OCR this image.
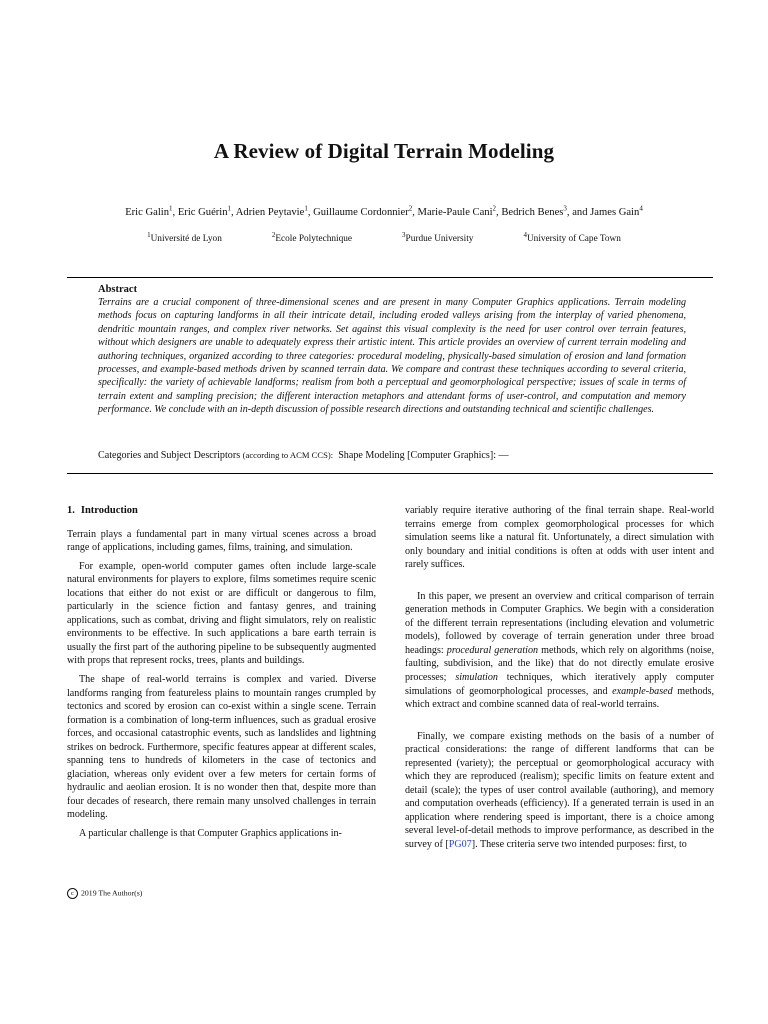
A Review of Digital Terrain Modeling
Eric Galin$^1$, Eric Guérin$^1$, Adrien Peytavie$^1$, Guillaume Cordonnier$^2$, Marie-Paule Cani$^2$, Bedrich Benes$^3$, and James Gain$^4$
$^1$Université de Lyon	$^2$Ecole Polytechnique	$^3$Purdue University	$^4$University of Cape Town
Abstract
Terrains are a crucial component of three-dimensional scenes and are present in many Computer Graphics applications. Terrain modeling methods focus on capturing landforms in all their intricate detail, including eroded valleys arising from the interplay of varied phenomena, dendritic mountain ranges, and complex river networks. Set against this visual complexity is the need for user control over terrain features, without which designers are unable to adequately express their artistic intent. This article provides an overview of current terrain modeling and authoring techniques, organized according to three categories: procedural modeling, physically-based simulation of erosion and land formation processes, and example-based methods driven by scanned terrain data. We compare and contrast these techniques according to several criteria, specifically: the variety of achievable landforms; realism from both a perceptual and geomorphological perspective; issues of scale in terms of terrain extent and sampling precision; the different interaction metaphors and attendant forms of user-control, and computation and memory performance. We conclude with an in-depth discussion of possible research directions and outstanding technical and scientific challenges.
Categories and Subject Descriptors (according to ACM CCS): Shape Modeling [Computer Graphics]: —
1. Introduction

Terrain plays a fundamental part in many virtual scenes across a broad range of applications, including games, films, training, and simulation.

For example, open-world computer games often include large-scale natural environments for players to explore, films sometimes require scenic locations that either do not exist or are difficult or dangerous to film, particularly in the science fiction and fantasy genres, and training applications, such as combat, driving and flight simulators, rely on realistic environments to be effective. In such applications a bare earth terrain is usually the first part of the authoring pipeline to be subsequently augmented with props that represent rocks, trees, plants and buildings.

The shape of real-world terrains is complex and varied. Diverse landforms ranging from featureless plains to mountain ranges crumpled by tectonics and scored by erosion can co-exist within a single scene. Terrain formation is a combination of long-term influences, such as gradual erosive forces, and occasional catastrophic events, such as landslides and lightning strikes on bedrock. Furthermore, specific features appear at different scales, spanning tens to hundreds of kilometers in the case of tectonics and glaciation, whereas only evident over a few meters for certain forms of hydraulic and aeolian erosion. It is no wonder then that, despite more than four decades of research, there remain many unsolved challenges in terrain modeling.

A particular challenge is that Computer Graphics applications in-

variably require iterative authoring of the final terrain shape. Real-world terrains emerge from complex geomorphological processes for which simulation seems like a natural fit. Unfortunately, a direct simulation with only boundary and initial conditions is often at odds with user intent and rarely suffices.

In this paper, we present an overview and critical comparison of terrain generation methods in Computer Graphics. We begin with a consideration of the different terrain representations (including elevation and volumetric models), followed by coverage of terrain generation under three broad headings: procedural generation methods, which rely on algorithms (noise, faulting, subdivision, and the like) that do not directly emulate erosive processes; simulation techniques, which iteratively apply computer simulations of geomorphological processes, and example-based methods, which extract and combine scanned data of real-world terrains.

Finally, we compare existing methods on the basis of a number of practical considerations: the range of different landforms that can be represented (variety); the perceptual or geomorphological accuracy with which they are reproduced (realism); specific limits on feature extent and detail (scale); the types of user control available (authoring), and memory and computation overheads (efficiency). If a generated terrain is used in an application where rendering speed is important, there is a choice among several level-of-detail methods to improve performance, as described in the survey of [PG07]. These criteria serve two intended purposes: first, to

c 2019 The Author(s)
